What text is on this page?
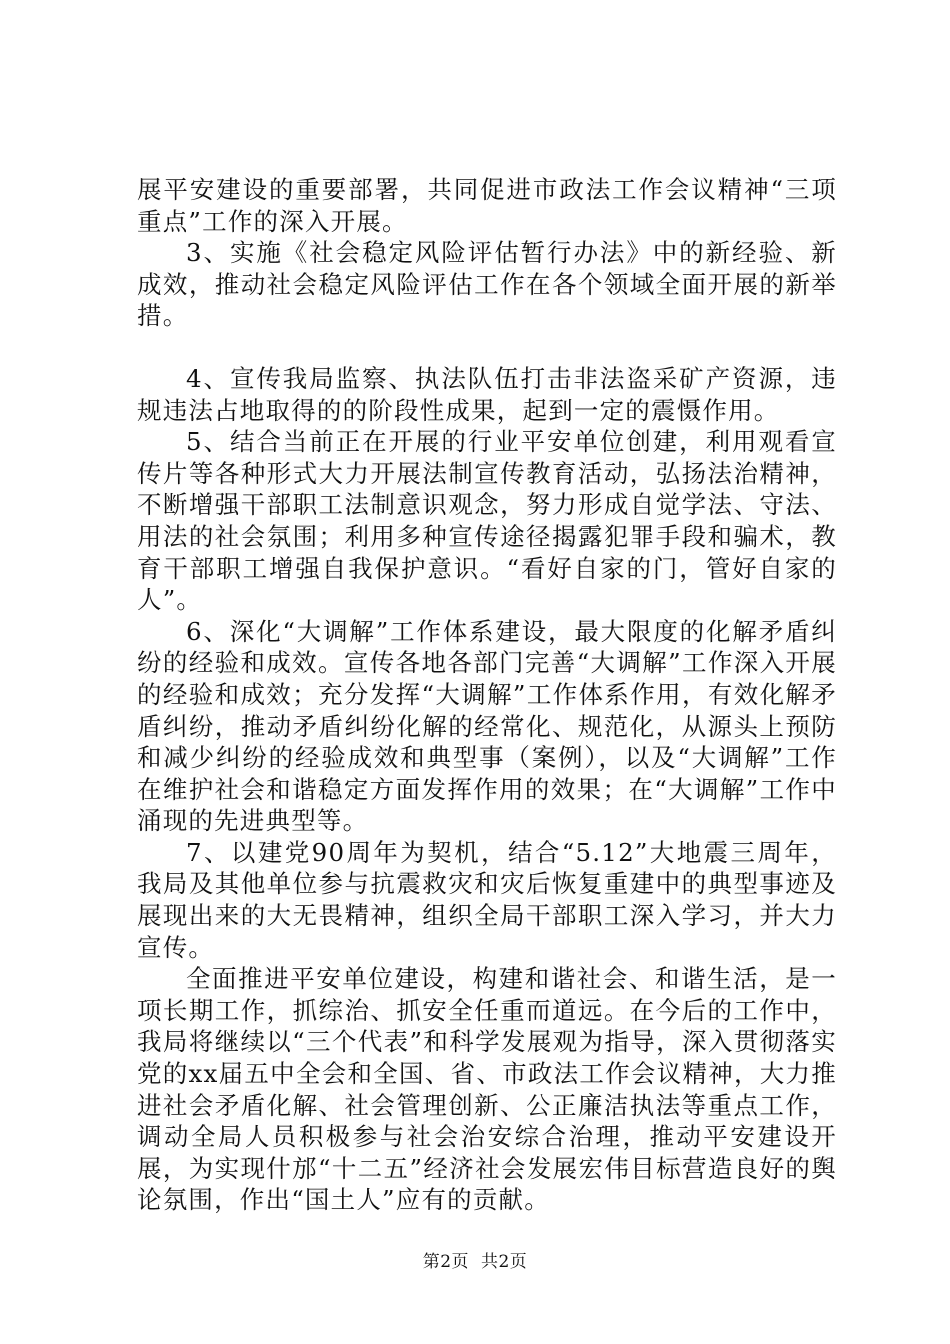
展平安建设的重要部署，共同促进市政法工作会议精神“三项重点”工作的深入开展。

3、实施《社会稳定风险评估暂行办法》中的新经验、新成效，推动社会稳定风险评估工作在各个领域全面开展的新举措。

4、宣传我局监察、执法队伍打击非法盗采矿产资源，违规违法占地取得的的阶段性成果，起到一定的震慑作用。

5、结合当前正在开展的行业平安单位创建，利用观看宣传片等各种形式大力开展法制宣传教育活动，弘扬法治精神，不断增强干部职工法制意识观念，努力形成自觉学法、守法、用法的社会氛围；利用多种宣传途径揭露犯罪手段和骗术，教育干部职工增强自我保护意识。“看好自家的门，管好自家的人”。

6、深化“大调解”工作体系建设，最大限度的化解矛盾纠纷的经验和成效。宣传各地各部门完善“大调解”工作深入开展的经验和成效；充分发挥“大调解”工作体系作用，有效化解矛盾纠纷，推动矛盾纠纷化解的经常化、规范化，从源头上预防和减少纠纷的经验成效和典型事（案例），以及“大调解”工作在维护社会和谐稳定方面发挥作用的效果；在“大调解”工作中涌现的先进典型等。

7、以建党90周年为契机，结合“5.12”大地震三周年，我局及其他单位参与抗震救灾和灾后恢复重建中的典型事迹及展现出来的大无畏精神，组织全局干部职工深入学习，并大力宣传。

全面推进平安单位建设，构建和谐社会、和谐生活，是一项长期工作，抓综治、抓安全任重而道远。在今后的工作中，我局将继续以“三个代表”和科学发展观为指导，深入贯彻落实党的xx届五中全会和全国、省、市政法工作会议精神，大力推进社会矛盾化解、社会管理创新、公正廉洁执法等重点工作，调动全局人员积极参与社会治安综合治理，推动平安建设开展，为实现什邡“十二五”经济社会发展宏伟目标营造良好的舆论氛围，作出“国土人”应有的贡献。

第2页 共2页
